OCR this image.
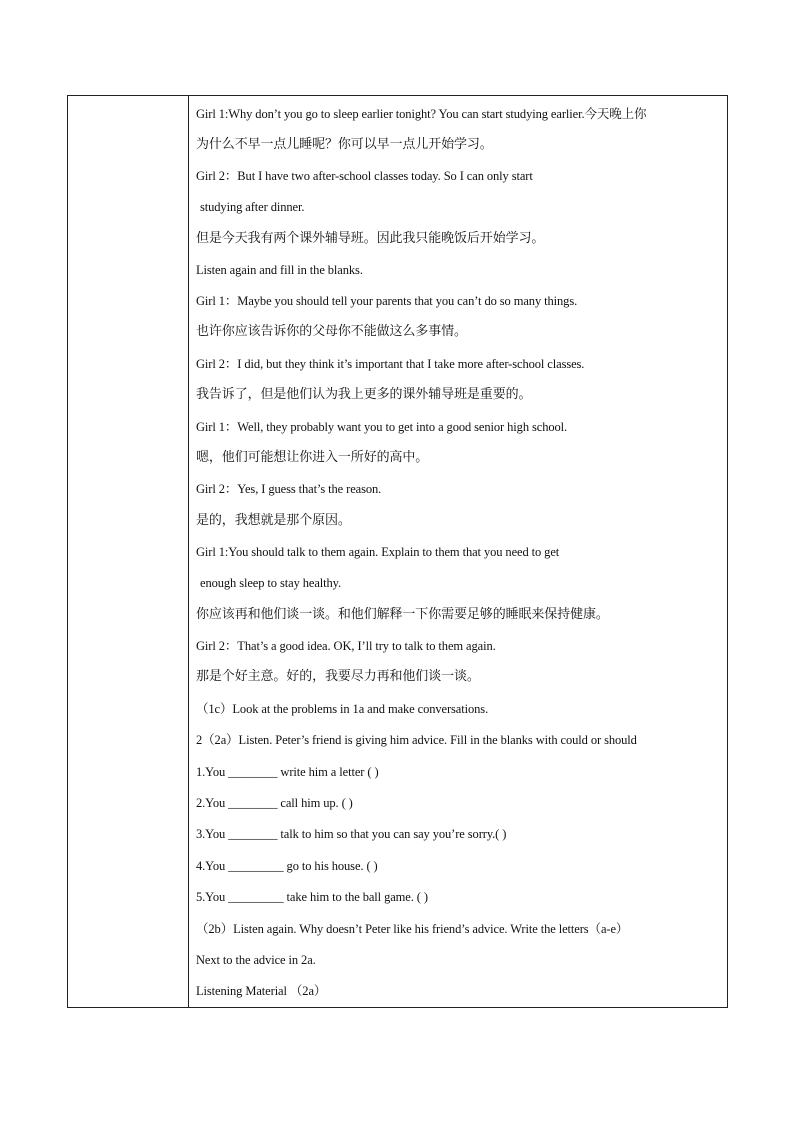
Girl 1:Why don’t you go to sleep earlier tonight? You can start studying earlier.今天晚上你
为什么不早一点儿睡呢？你可以早一点儿开始学习。
Girl 2：But I have two after-school classes today. So I can only start
studying after dinner.
但是今天我有两个课外辅导班。因此我只能晚饭后开始学习。
Listen again and fill in the blanks.
Girl 1：Maybe you should tell your parents that you can’t do so many things.
也许你应该告诉你的父母你不能做这么多事情。
Girl 2：I did, but they think it’s important that I take more after-school classes.
我告诉了，但是他们认为我上更多的课外辅导班是重要的。
Girl 1：Well, they probably want you to get into a good senior high school.
嗯，他们可能想让你进入一所好的高中。
Girl 2：Yes, I guess that’s the reason.
是的，我想就是那个原因。
Girl 1:You should talk to them again. Explain to them that you need to get
enough sleep to stay healthy.
你应该再和他们谈一谈。和他们解释一下你需要足够的睡眠来保持健康。
Girl 2：That’s a good idea. OK, I’ll try to talk to them again.
那是个好主意。好的，我要尽力再和他们谈一谈。
（1c）Look at the problems in 1a and make conversations.
2（2a）Listen. Peter’s friend is giving him advice. Fill in the blanks with could or should
1.You ________ write him a letter ( )
2.You ________ call him up. ( )
3.You ________ talk to him so that you can say you’re sorry.( )
4.You _________ go to his house. ( )
5.You _________ take him to the ball game. ( )
（2b）Listen again. Why doesn’t Peter like his friend’s advice. Write the letters（a-e）
Next to the advice in 2a.
Listening Material （2a）
